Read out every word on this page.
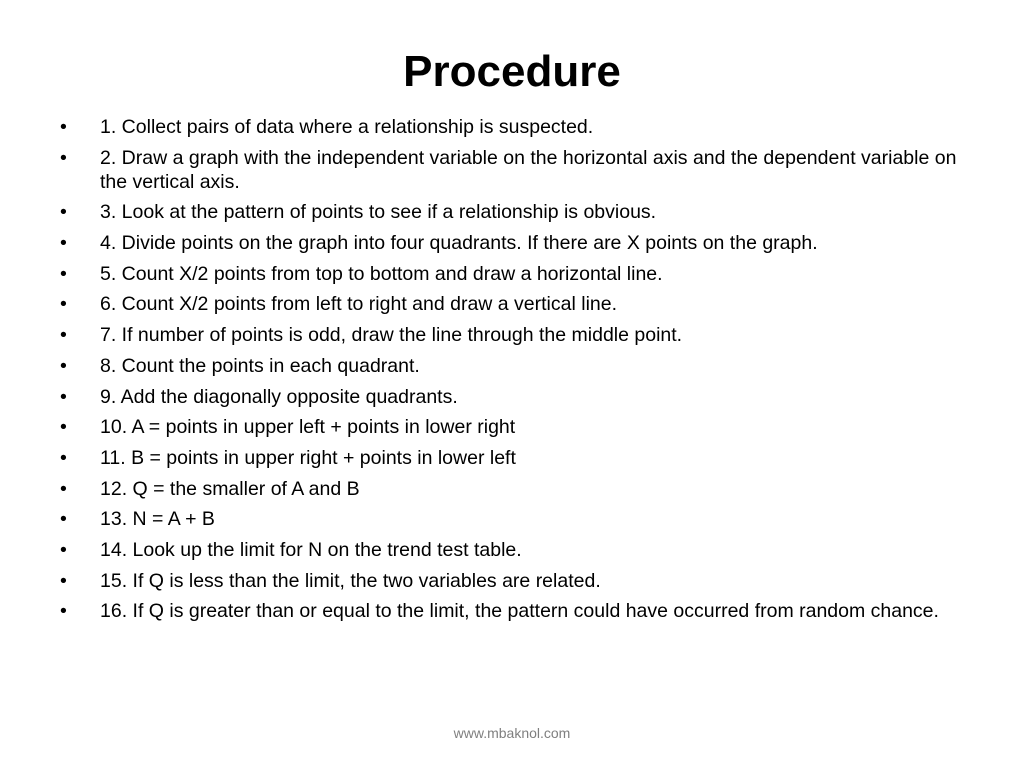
Procedure
•	1. Collect pairs of data where a relationship is suspected.
•	2. Draw a graph with the independent variable on the horizontal axis and the dependent variable on the vertical axis.
•	3. Look at the pattern of points to see if a relationship is obvious.
•	4. Divide points on the graph into four quadrants. If there are X points on the graph.
•	5. Count X/2 points from top to bottom and draw a horizontal line.
•	6. Count X/2 points from left to right and draw a vertical line.
•	7. If number of points is odd, draw the line through the middle point.
•	8. Count the points in each quadrant.
•	9. Add the diagonally opposite quadrants.
•	10. A = points in upper left + points in lower right
•	11. B = points in upper right + points in lower left
•	12. Q = the smaller of A and B
•	13. N = A + B
•	14. Look up the limit for N on the trend test table.
•	15. If Q is less than the limit, the two variables are related.
•	16. If Q is greater than or equal to the limit, the pattern could have occurred from random chance.
www.mbaknol.com
